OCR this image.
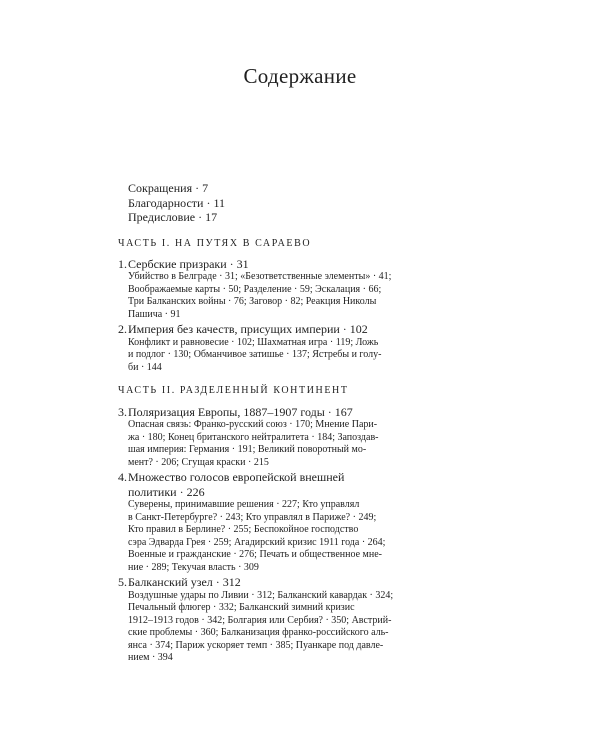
Содержание
Сокращения · 7
Благодарности · 11
Предисловие · 17
ЧАСТЬ I. НА ПУТЯХ В САРАЕВО
1. Сербские призраки · 31
Убийство в Белграде · 31; «Безответственные элементы» · 41;
Воображаемые карты · 50; Разделение · 59; Эскалация · 66;
Три Балканских войны · 76; Заговор · 82; Реакция Николы
Пашича · 91
2. Империя без качеств, присущих империи · 102
Конфликт и равновесие · 102; Шахматная игра · 119; Ложь
и подлог · 130; Обманчивое затишье · 137; Ястребы и голу-
би · 144
ЧАСТЬ II. РАЗДЕЛЕННЫЙ КОНТИНЕНТ
3. Поляризация Европы, 1887–1907 годы · 167
Опасная связь: Франко-русский союз · 170; Мнение Пари-
жа · 180; Конец британского нейтралитета · 184; Запоздав-
шая империя: Германия · 191; Великий поворотный мо-
мент? · 206; Сгущая краски · 215
4. Множество голосов европейской внешней
политики · 226
Суверены, принимавшие решения · 227; Кто управлял
в Санкт-Петербурге? · 243; Кто управлял в Париже? · 249;
Кто правил в Берлине? · 255; Беспокойное господство
сэра Эдварда Грея · 259; Агадирский кризис 1911 года · 264;
Военные и гражданские · 276; Печать и общественное мне-
ние · 289; Текучая власть · 309
5. Балканский узел · 312
Воздушные удары по Ливии · 312; Балканский кавардак · 324;
Печальный флюгер · 332; Балканский зимний кризис
1912–1913 годов · 342; Болгария или Сербия? · 350; Австрий-
ские проблемы · 360; Балканизация франко-российского аль-
янса · 374; Париж ускоряет темп · 385; Пуанкаре под давле-
нием · 394
